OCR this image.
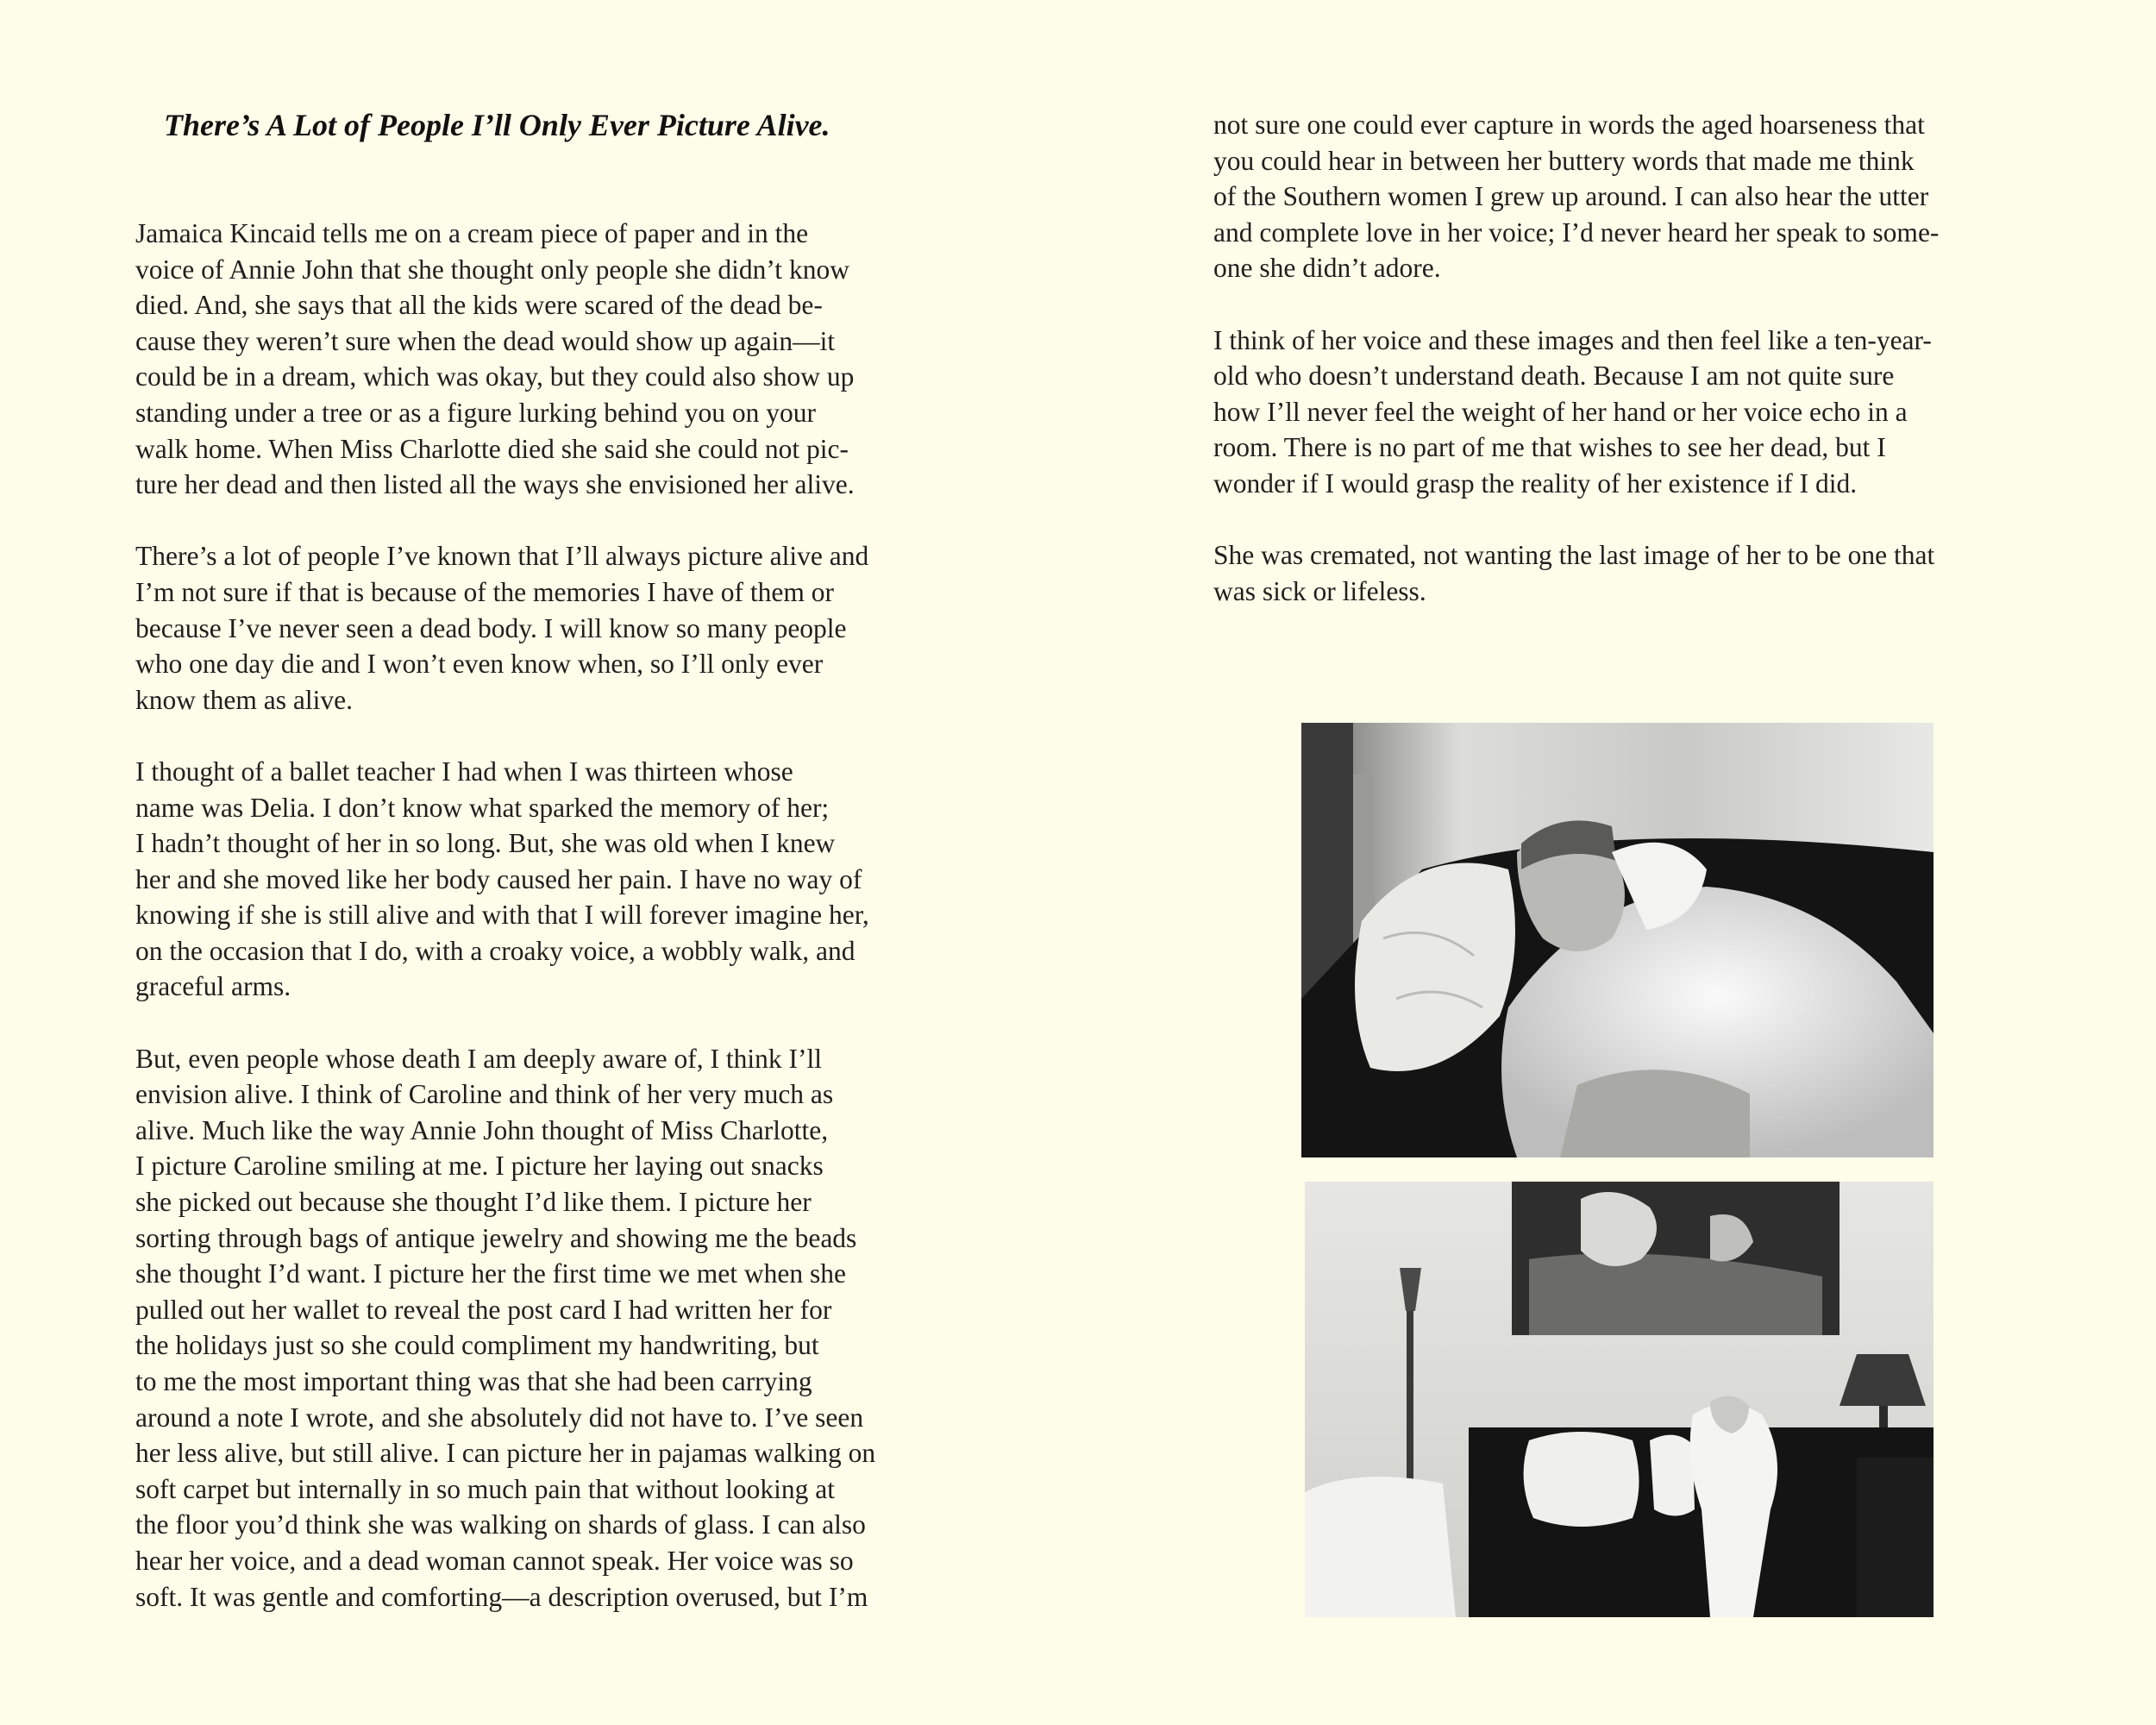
There’s A Lot of People I’ll Only Ever Picture Alive.

Jamaica Kincaid tells me on a cream piece of paper and in the
voice of Annie John that she thought only people she didn’t know
died. And, she says that all the kids were scared of the dead be-
cause they weren’t sure when the dead would show up again—it
could be in a dream, which was okay, but they could also show up
standing under a tree or as a figure lurking behind you on your
walk home. When Miss Charlotte died she said she could not pic-
ture her dead and then listed all the ways she envisioned her alive.

There’s a lot of people I’ve known that I’ll always picture alive and
I’m not sure if that is because of the memories I have of them or
because I’ve never seen a dead body. I will know so many people
who one day die and I won’t even know when, so I’ll only ever
know them as alive.

I thought of a ballet teacher I had when I was thirteen whose
name was Delia. I don’t know what sparked the memory of her;
I hadn’t thought of her in so long. But, she was old when I knew
her and she moved like her body caused her pain. I have no way of
knowing if she is still alive and with that I will forever imagine her,
on the occasion that I do, with a croaky voice, a wobbly walk, and
graceful arms.

But, even people whose death I am deeply aware of, I think I’ll
envision alive. I think of Caroline and think of her very much as
alive. Much like the way Annie John thought of Miss Charlotte,
I picture Caroline smiling at me. I picture her laying out snacks
she picked out because she thought I’d like them. I picture her
sorting through bags of antique jewelry and showing me the beads
she thought I’d want. I picture her the first time we met when she
pulled out her wallet to reveal the post card I had written her for
the holidays just so she could compliment my handwriting, but
to me the most important thing was that she had been carrying
around a note I wrote, and she absolutely did not have to. I’ve seen
her less alive, but still alive. I can picture her in pajamas walking on
soft carpet but internally in so much pain that without looking at
the floor you’d think she was walking on shards of glass. I can also
hear her voice, and a dead woman cannot speak. Her voice was so
soft. It was gentle and comforting—a description overused, but I’m

not sure one could ever capture in words the aged hoarseness that
you could hear in between her buttery words that made me think
of the Southern women I grew up around. I can also hear the utter
and complete love in her voice; I’d never heard her speak to some-
one she didn’t adore.

I think of her voice and these images and then feel like a ten-year-
old who doesn’t understand death. Because I am not quite sure
how I’ll never feel the weight of her hand or her voice echo in a
room. There is no part of me that wishes to see her dead, but I
wonder if I would grasp the reality of her existence if I did.

She was cremated, not wanting the last image of her to be one that
was sick or lifeless.
